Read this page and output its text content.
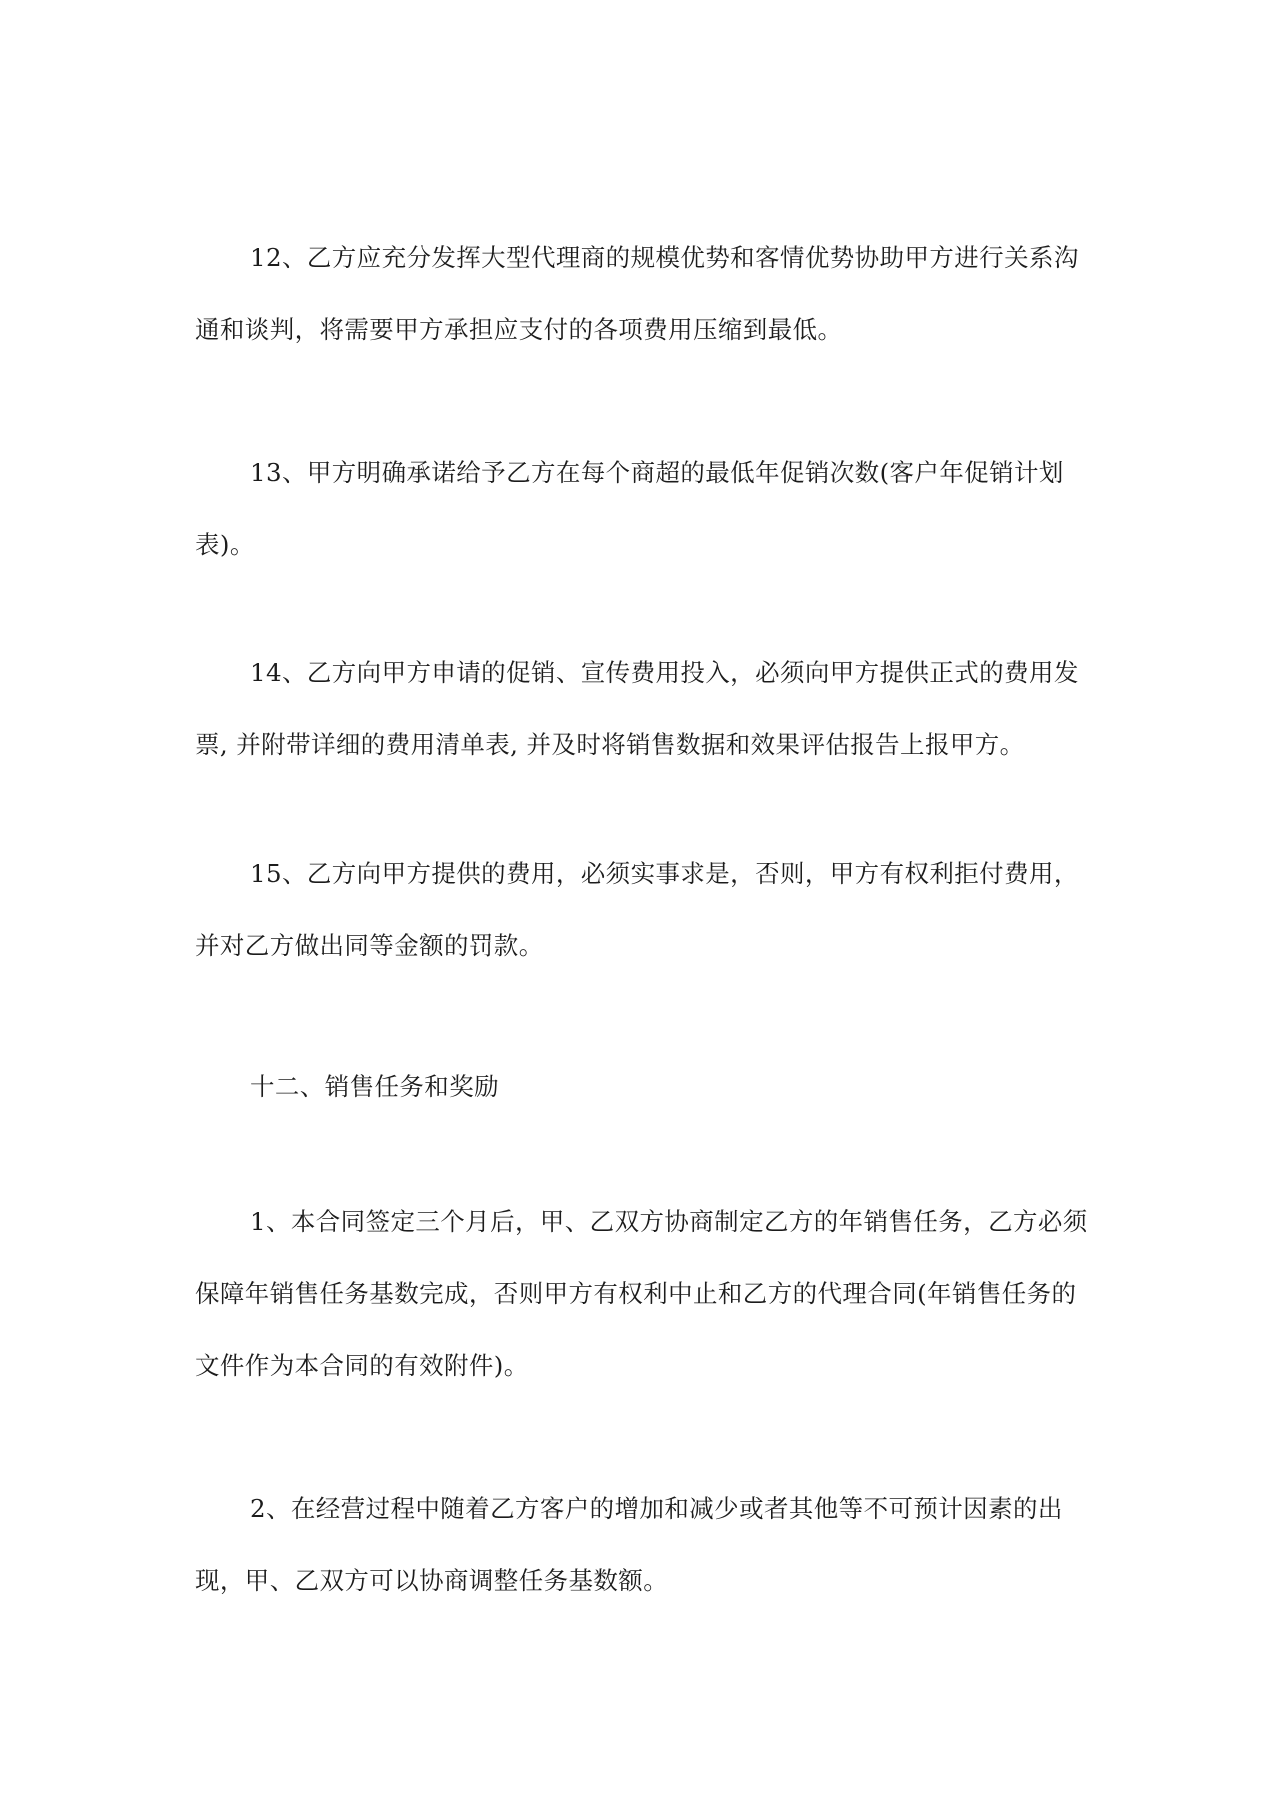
12、乙方应充分发挥大型代理商的规模优势和客情优势协助甲方进行关系沟通和谈判，将需要甲方承担应支付的各项费用压缩到最低。

13、甲方明确承诺给予乙方在每个商超的最低年促销次数(客户年促销计划表)。

14、乙方向甲方申请的促销、宣传费用投入，必须向甲方提供正式的费用发票, 并附带详细的费用清单表, 并及时将销售数据和效果评估报告上报甲方。

15、乙方向甲方提供的费用，必须实事求是，否则，甲方有权利拒付费用，并对乙方做出同等金额的罚款。

十二、销售任务和奖励

1、本合同签定三个月后，甲、乙双方协商制定乙方的年销售任务，乙方必须保障年销售任务基数完成，否则甲方有权利中止和乙方的代理合同(年销售任务的文件作为本合同的有效附件)。

2、在经营过程中随着乙方客户的增加和减少或者其他等不可预计因素的出现，甲、乙双方可以协商调整任务基数额。
